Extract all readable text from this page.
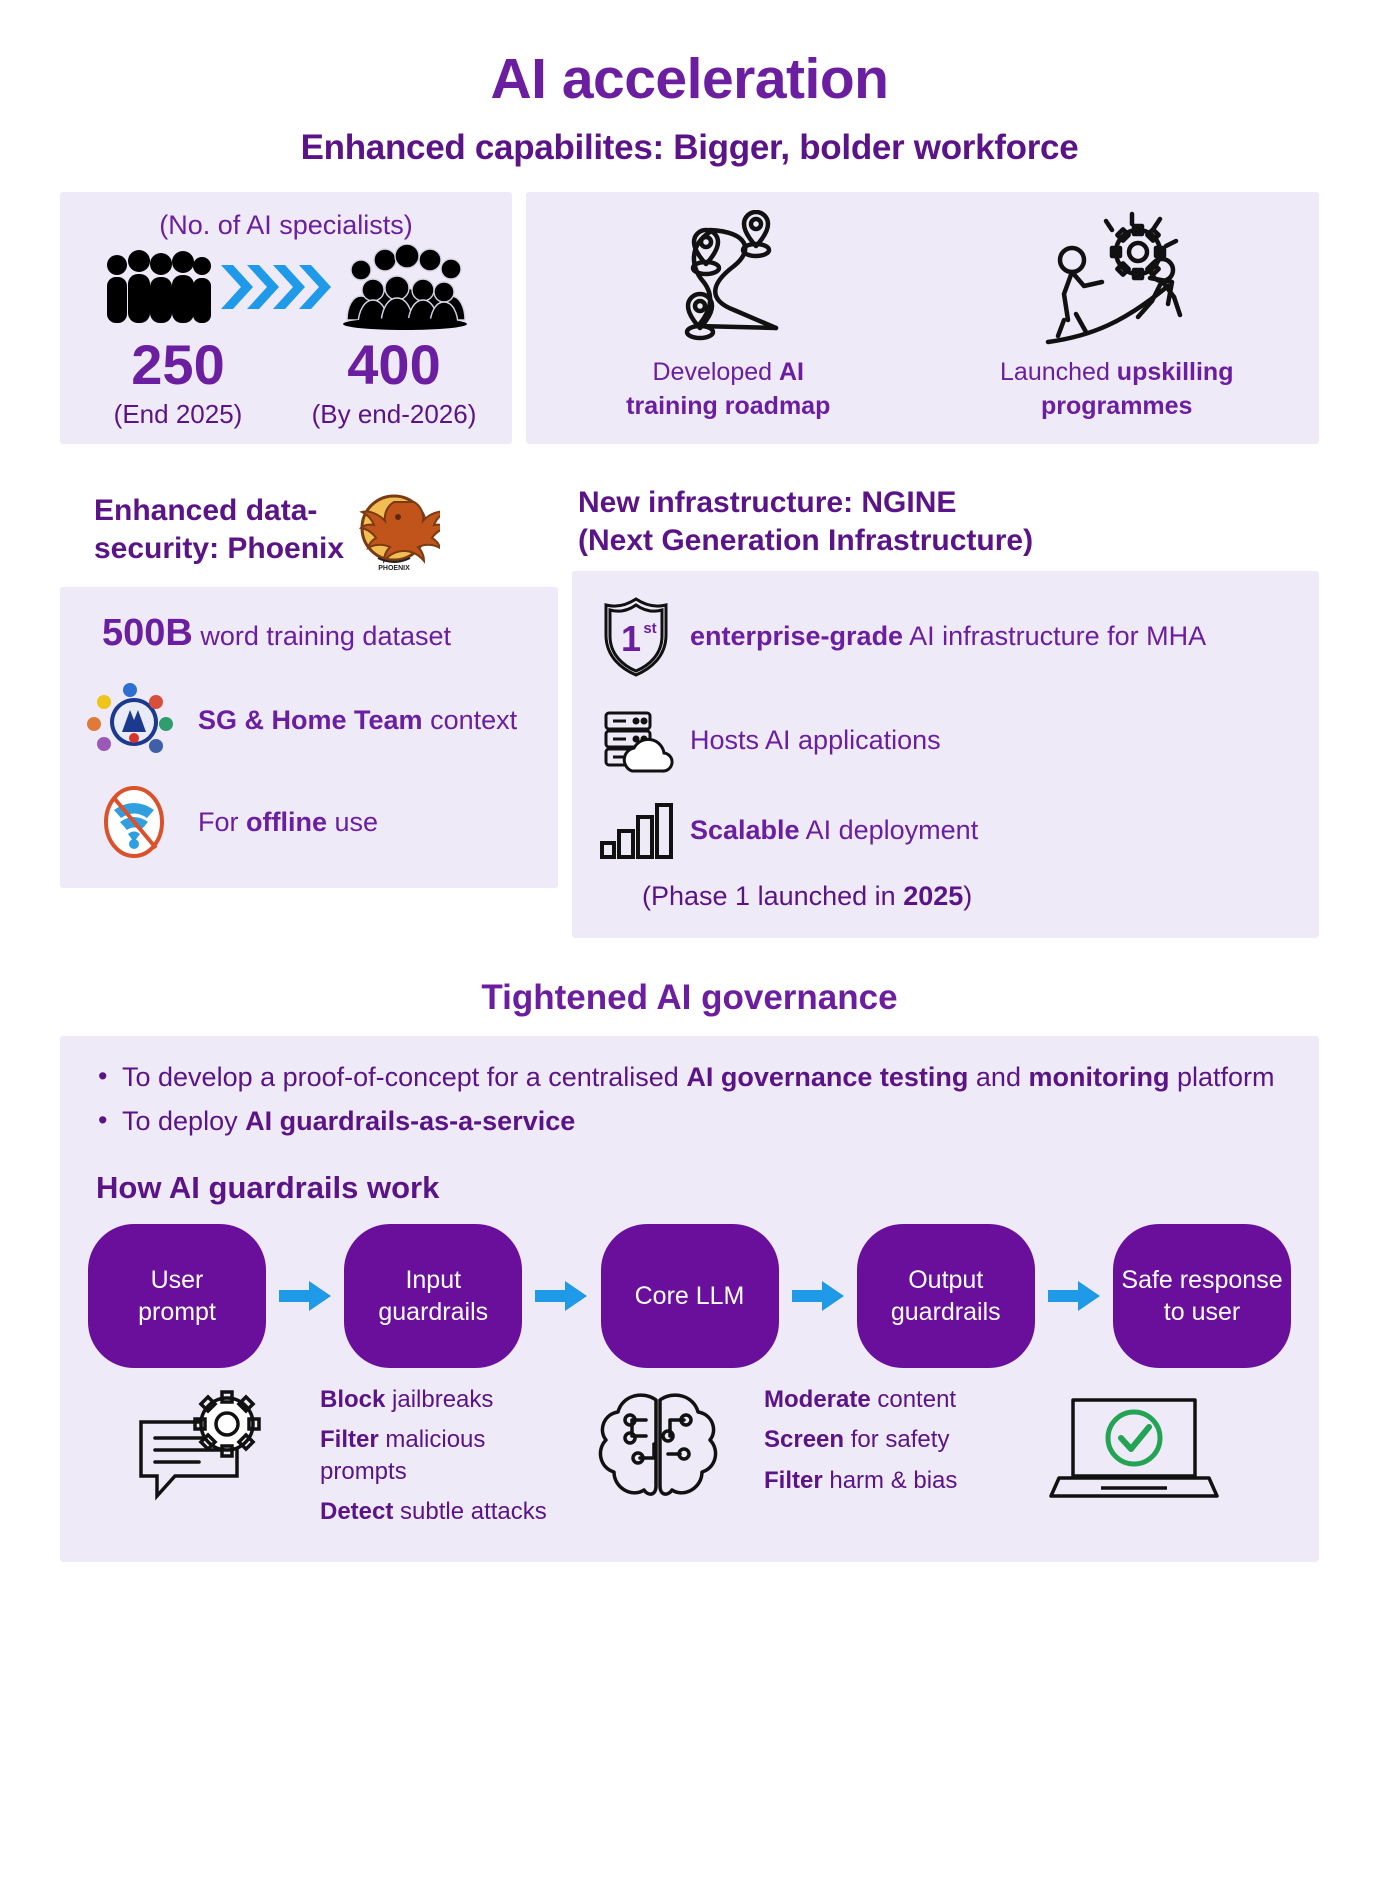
AI acceleration
Enhanced capabilites: Bigger, bolder workforce
(No. of AI specialists)
250
(End 2025)
400
(By end-2026)
Developed AI
training roadmap
Launched upskilling
programmes
Enhanced data-
security: Phoenix
PHOENIX
500B word training dataset
SG & Home Team context
For offline use
New infrastructure: NGINE
(Next Generation Infrastructure)
1 st enterprise-grade AI infrastructure for MHA
Hosts AI applications
Scalable AI deployment
(Phase 1 launched in 2025)
Tightened AI governance
• To develop a proof-of-concept for a centralised AI governance testing and monitoring platform
• To deploy AI guardrails-as-a-service
How AI guardrails work
User
prompt
Input
guardrails
Core LLM
Output
guardrails
Safe response
to user

Block jailbreaks

Filter malicious prompts

Detect subtle attacks

Moderate content

Screen for safety

Filter harm & bias
